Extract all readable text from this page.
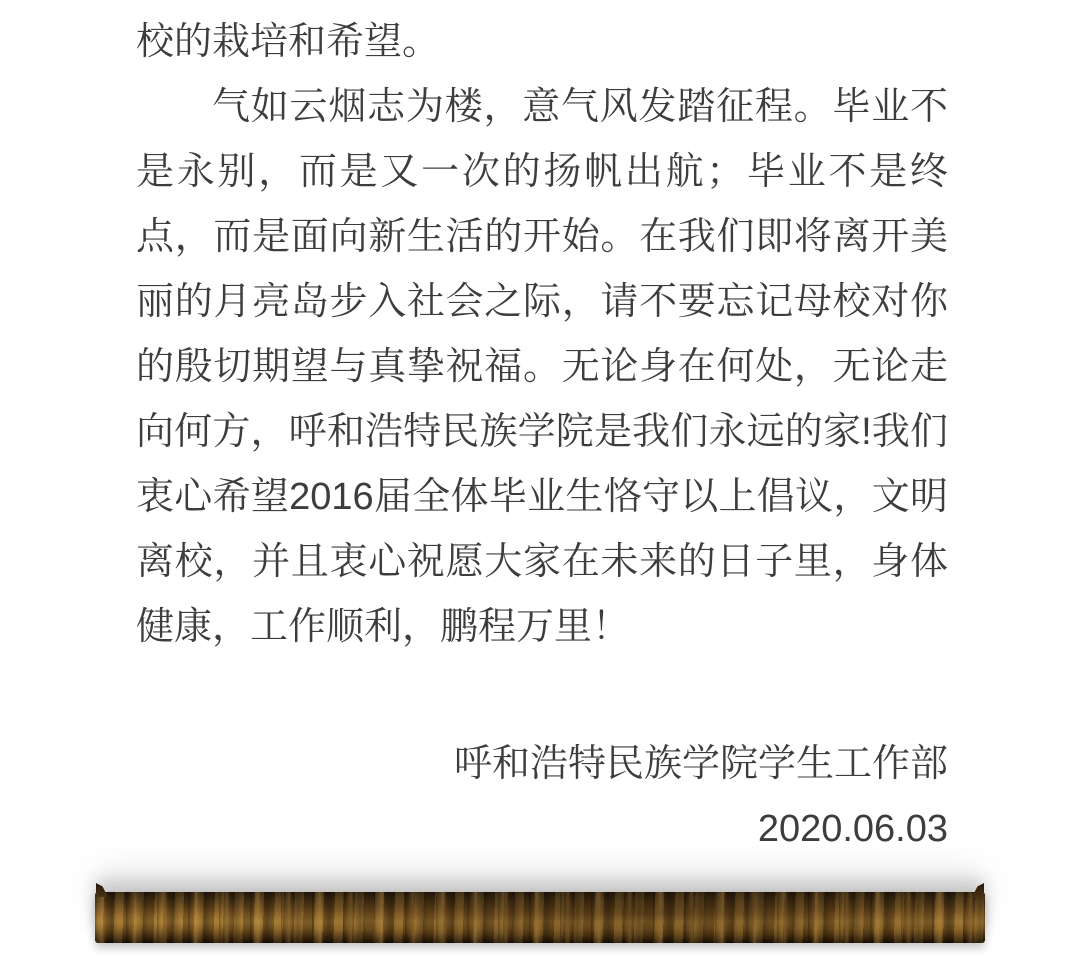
校的栽培和希望。

气如云烟志为楼，意气风发踏征程。毕业不是永别，而是又一次的扬帆出航；毕业不是终点，而是面向新生活的开始。在我们即将离开美丽的月亮岛步入社会之际，请不要忘记母校对你的殷切期望与真挚祝福。无论身在何处，无论走向何方，呼和浩特民族学院是我们永远的家!我们衷心希望2016届全体毕业生恪守以上倡议，文明离校，并且衷心祝愿大家在未来的日子里，身体健康，工作顺利，鹏程万里！

呼和浩特民族学院学生工作部

2020.06.03
